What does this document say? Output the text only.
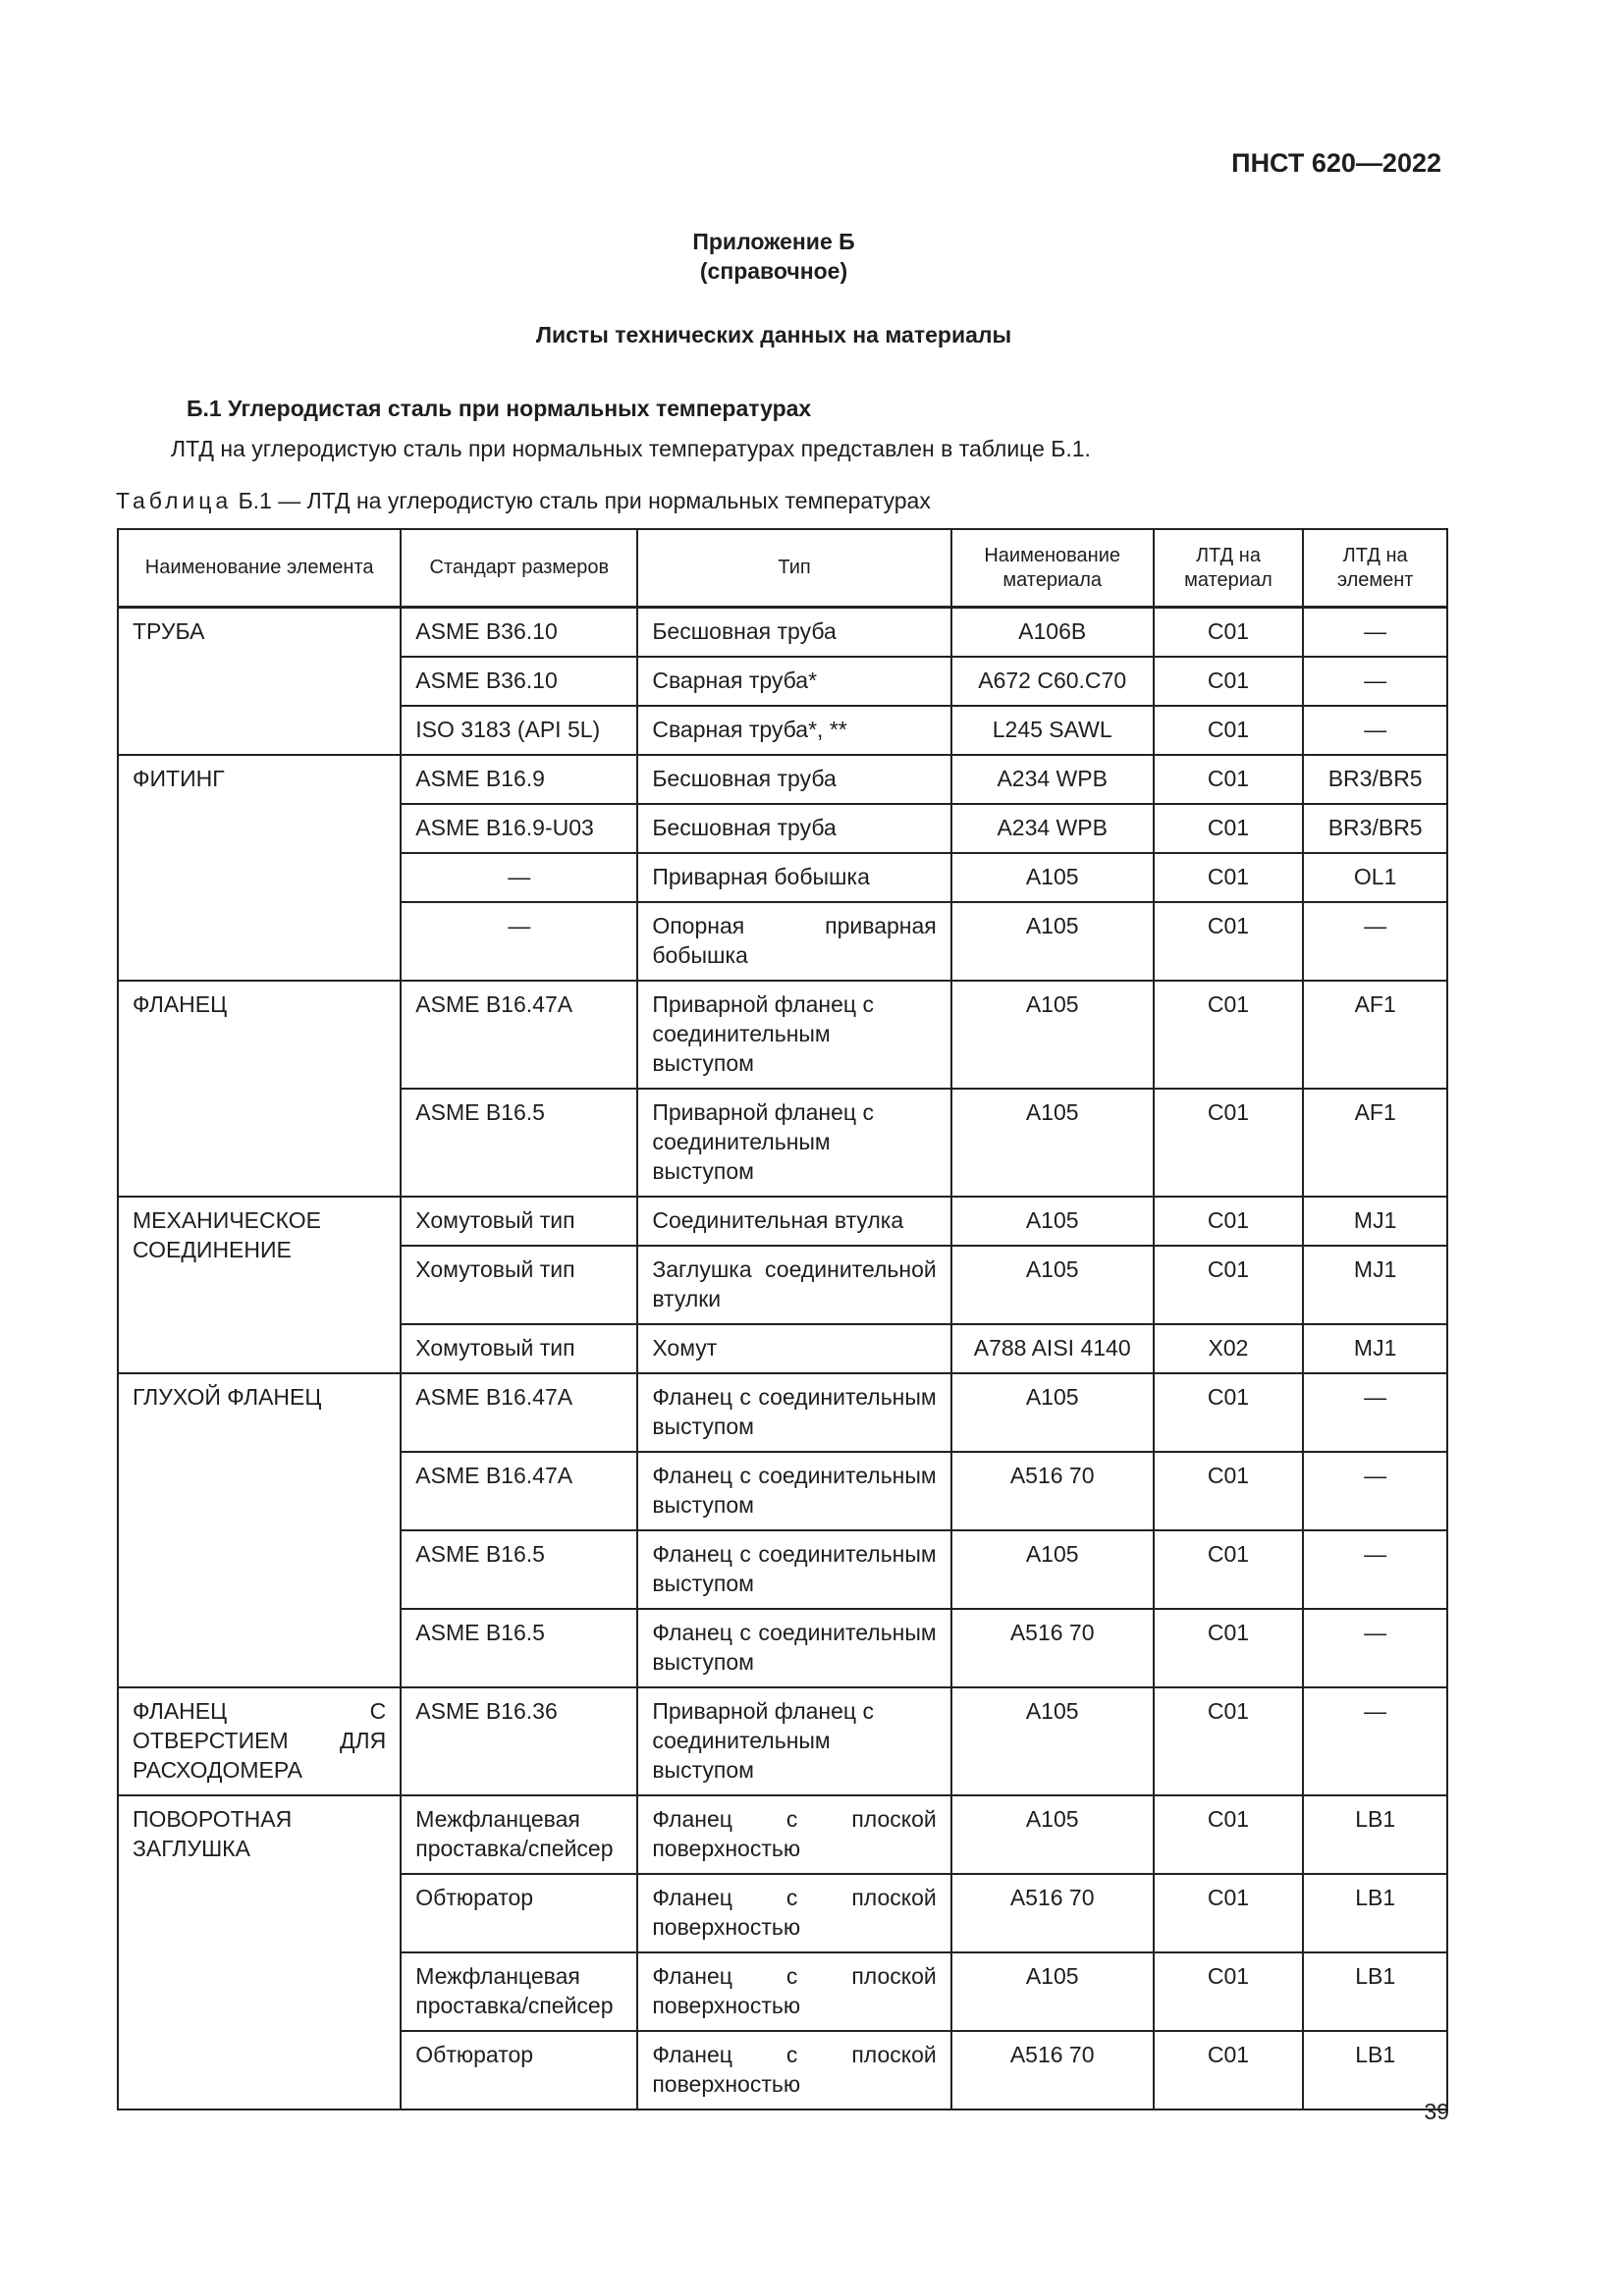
ПНСТ 620—2022
Приложение Б
(справочное)
Листы технических данных на материалы
Б.1 Углеродистая сталь при нормальных температурах
ЛТД на углеродистую сталь при нормальных температурах представлен в таблице Б.1.
Таблица Б.1 — ЛТД на углеродистую сталь при нормальных температурах
Наименование элемента	Стандарт размеров	Тип	Наименование материала	ЛТД на материал	ЛТД на элемент
ТРУБА	ASME B36.10	Бесшовная труба	A106B	C01	—
	ASME B36.10	Сварная труба*	A672 C60.C70	C01	—
	ISO 3183 (API 5L)	Сварная труба*, **	L245 SAWL	C01	—
ФИТИНГ	ASME B16.9	Бесшовная труба	A234 WPB	C01	BR3/BR5
	ASME B16.9-U03	Бесшовная труба	A234 WPB	C01	BR3/BR5
	—	Приварная бобышка	A105	C01	OL1
	—	Опорная приварная бобышка	A105	C01	—
ФЛАНЕЦ	ASME B16.47A	Приварной фланец с соединительным выступом	A105	C01	AF1
	ASME B16.5	Приварной фланец с соединительным выступом	A105	C01	AF1
МЕХАНИЧЕСКОЕ СОЕДИНЕНИЕ	Хомутовый тип	Соединительная втулка	A105	C01	MJ1
	Хомутовый тип	Заглушка соединительной втулки	A105	C01	MJ1
	Хомутовый тип	Хомут	A788 AISI 4140	X02	MJ1
ГЛУХОЙ ФЛАНЕЦ	ASME B16.47A	Фланец с соединительным выступом	A105	C01	—
	ASME B16.47A	Фланец с соединительным выступом	A516 70	C01	—
	ASME B16.5	Фланец с соединительным выступом	A105	C01	—
	ASME B16.5	Фланец с соединительным выступом	A516 70	C01	—
ФЛАНЕЦ С ОТВЕРСТИЕМ ДЛЯ РАСХОДОМЕРА	ASME B16.36	Приварной фланец с соединительным выступом	A105	C01	—
ПОВОРОТНАЯ ЗАГЛУШКА	Межфланцевая проставка/спейсер	Фланец с плоской поверхностью	A105	C01	LB1
	Обтюратор	Фланец с плоской поверхностью	A516 70	C01	LB1
	Межфланцевая проставка/спейсер	Фланец с плоской поверхностью	A105	C01	LB1
	Обтюратор	Фланец с плоской поверхностью	A516 70	C01	LB1
39
